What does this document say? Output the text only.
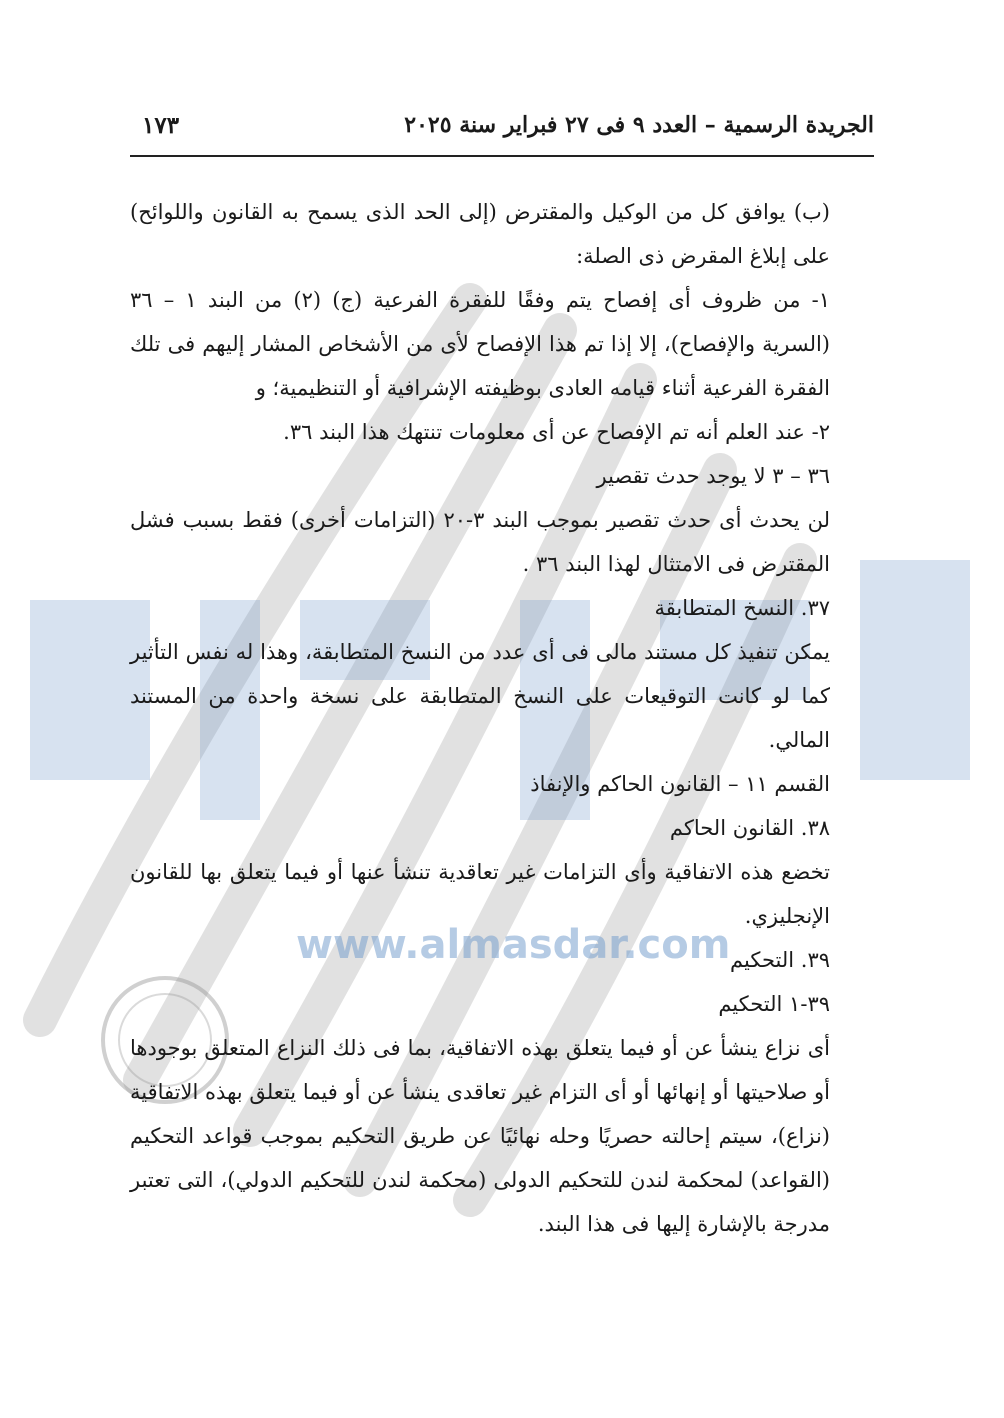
www.almasdar.com
الجريدة الرسمية – العدد ٩ فى ٢٧ فبراير سنة ٢٠٢٥
١٧٣

(ب) يوافق كل من الوكيل والمقترض (إلى الحد الذى يسمح به القانون واللوائح) على إبلاغ المقرض ذى الصلة:

١- من ظروف أى إفصاح يتم وفقًا للفقرة الفرعية (ج) (٢) من البند ١ – ٣٦ (السرية والإفصاح)، إلا إذا تم هذا الإفصاح لأى من الأشخاص المشار إليهم فى تلك الفقرة الفرعية أثناء قيامه العادى بوظيفته الإشرافية أو التنظيمية؛ و

٢- عند العلم أنه تم الإفصاح عن أى معلومات تنتهك هذا البند ٣٦.

٣٦ – ٣ لا يوجد حدث تقصير

لن يحدث أى حدث تقصير بموجب البند ٣-٢٠ (التزامات أخرى) فقط بسبب فشل المقترض فى الامتثال لهذا البند ٣٦ .

٣٧. النسخ المتطابقة

يمكن تنفيذ كل مستند مالى فى أى عدد من النسخ المتطابقة، وهذا له نفس التأثير كما لو كانت التوقيعات على النسخ المتطابقة على نسخة واحدة من المستند المالي.

القسم ١١ – القانون الحاكم والإنفاذ

٣٨. القانون الحاكم

تخضع هذه الاتفاقية وأى التزامات غير تعاقدية تنشأ عنها أو فيما يتعلق بها للقانون الإنجليزي.

٣٩. التحكيم

٣٩-١ التحكيم

أى نزاع ينشأ عن أو فيما يتعلق بهذه الاتفاقية، بما فى ذلك النزاع المتعلق بوجودها أو صلاحيتها أو إنهائها أو أى التزام غير تعاقدى ينشأ عن أو فيما يتعلق بهذه الاتفاقية (نزاع)، سيتم إحالته حصريًا وحله نهائيًا عن طريق التحكيم بموجب قواعد التحكيم (القواعد) لمحكمة لندن للتحكيم الدولى (محكمة لندن للتحكيم الدولي)، التى تعتبر مدرجة بالإشارة إليها فى هذا البند.
